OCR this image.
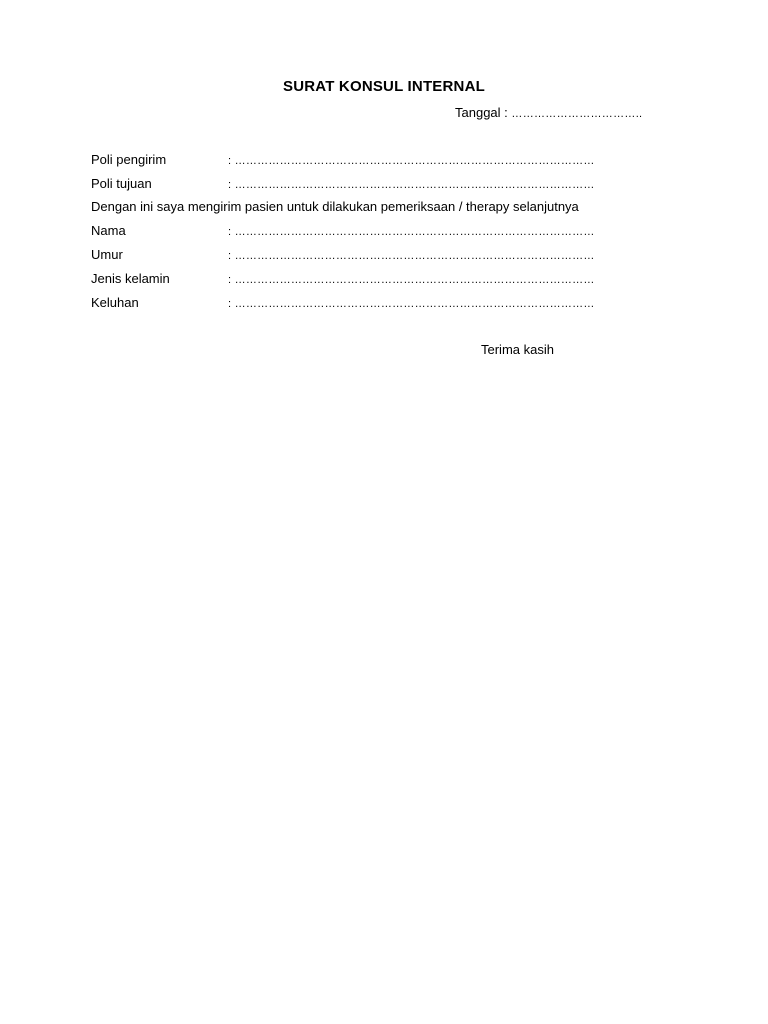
SURAT KONSUL INTERNAL
Tanggal : ……………………………..
Poli pengirim	: ……………………………………………………………………………………
Poli tujuan	: ……………………………………………………………………………………
Dengan ini saya mengirim pasien untuk dilakukan pemeriksaan / therapy selanjutnya
Nama	: ……………………………………………………………………………………
Umur	: ……………………………………………………………………………………
Jenis kelamin	: ……………………………………………………………………………………
Keluhan	: ……………………………………………………………………………………
Terima kasih
